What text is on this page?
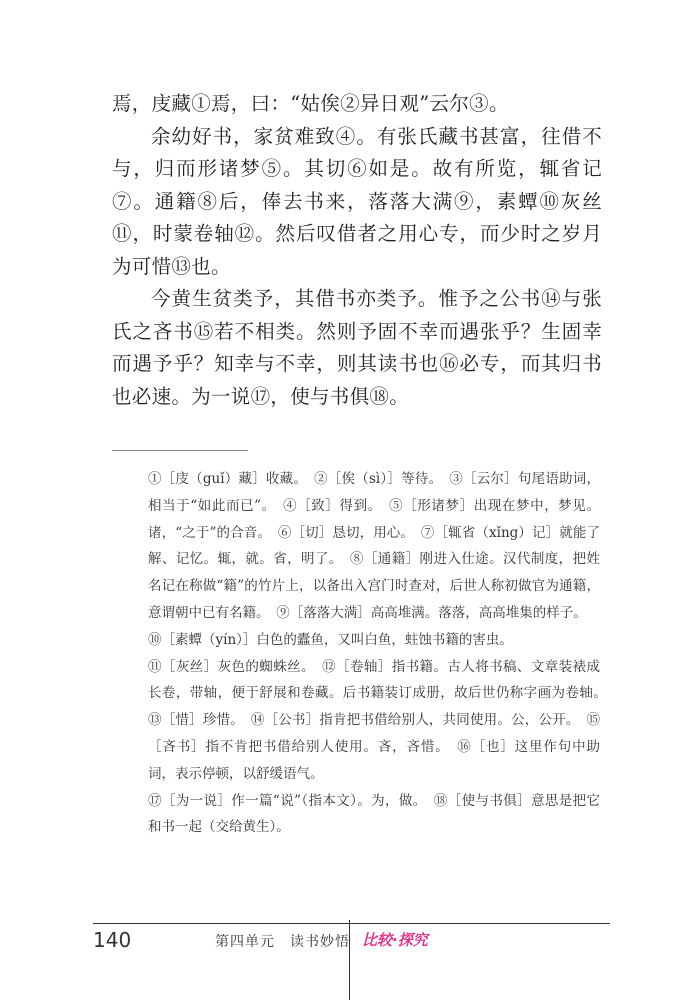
焉，庋藏①焉，曰：“姑俟②异日观”云尔③。

余幼好书，家贫难致④。有张氏藏书甚富，往借不与，归而形诸梦⑤。其切⑥如是。故有所览，辄省记⑦。通籍⑧后，俸去书来，落落大满⑨，素蟫⑩灰丝⑪，时蒙卷轴⑫。然后叹借者之用心专，而少时之岁月为可惜⑬也。

今黄生贫类予，其借书亦类予。惟予之公书⑭与张氏之吝书⑮若不相类。然则予固不幸而遇张乎？生固幸而遇予乎？知幸与不幸，则其读书也⑯必专，而其归书也必速。为一说⑰，使与书俱⑱。

①［庋（guǐ）藏］收藏。　②［俟（sì）］等待。　③［云尔］句尾语助词，相当于“如此而已”。　④［致］得到。　⑤［形诸梦］出现在梦中，梦见。诸，“之于”的合音。　⑥［切］恳切，用心。　⑦［辄省（xǐng）记］就能了解、记忆。辄，就。省，明了。　⑧［通籍］刚进入仕途。汉代制度，把姓名记在称做“籍”的竹片上，以备出入宫门时查对，后世人称初做官为通籍，意谓朝中已有名籍。　⑨［落落大满］高高堆满。落落，高高堆集的样子。

⑩［素蟫（yín）］白色的蠹鱼，又叫白鱼，蛀蚀书籍的害虫。

⑪［灰丝］灰色的蜘蛛丝。　⑫［卷轴］指书籍。古人将书稿、文章装裱成长卷，带轴，便于舒展和卷藏。后书籍装订成册，故后世仍称字画为卷轴。　⑬［惜］珍惜。　⑭［公书］指肯把书借给别人，共同使用。公，公开。　⑮［吝书］指不肯把书借给别人使用。吝，吝惜。　⑯［也］这里作句中助词，表示停顿，以舒缓语气。

⑰［为一说］作一篇“说”（指本文）。为，做。　⑱［使与书俱］意思是把它和书一起（交给黄生）。

140	第四单元　读书妙悟 比较·探究
